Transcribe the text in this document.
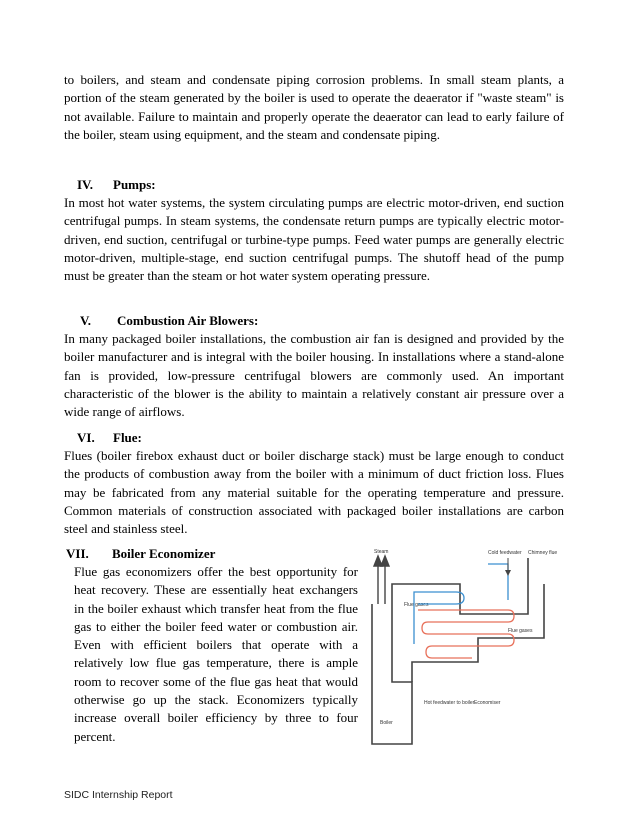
to boilers, and steam and condensate piping corrosion problems. In small steam plants, a portion of the steam generated by the boiler is used to operate the deaerator if "waste steam" is not available. Failure to maintain and properly operate the deaerator can lead to early failure of the boiler, steam using equipment, and the steam and condensate piping.

IV. Pumps:

In most hot water systems, the system circulating pumps are electric motor-driven, end suction centrifugal pumps. In steam systems, the condensate return pumps are typically electric motor-driven, end suction, centrifugal or turbine-type pumps. Feed water pumps are generally electric motor-driven, multiple-stage, end suction centrifugal pumps. The shutoff head of the pump must be greater than the steam or hot water system operating pressure.

V. Combustion Air Blowers:

In many packaged boiler installations, the combustion air fan is designed and provided by the boiler manufacturer and is integral with the boiler housing. In installations where a stand-alone fan is provided, low-pressure centrifugal blowers are commonly used. An important characteristic of the blower is the ability to maintain a relatively constant air pressure over a wide range of airflows.

VI. Flue:

Flues (boiler firebox exhaust duct or boiler discharge stack) must be large enough to conduct the products of combustion away from the boiler with a minimum of duct friction loss. Flues may be fabricated from any material suitable for the operating temperature and pressure. Common materials of construction associated with packaged boiler installations are carbon steel and stainless steel.

VII. Boiler Economizer

Flue gas economizers offer the best opportunity for heat recovery. These are essentially heat exchangers in the boiler exhaust which transfer heat from the flue gas to either the boiler feed water or combustion air. Even with efficient boilers that operate with a relatively low flue gas temperature, there is ample room to recover some of the flue gas heat that would otherwise go up the stack. Economizers typically increase overall boiler efficiency by three to four percent.

Steam
Boiler
Flue gases
Flue gases
Cold feedwater Chimney flue
Hot feedwater to boiler Economiser
SIDC Internship Report
